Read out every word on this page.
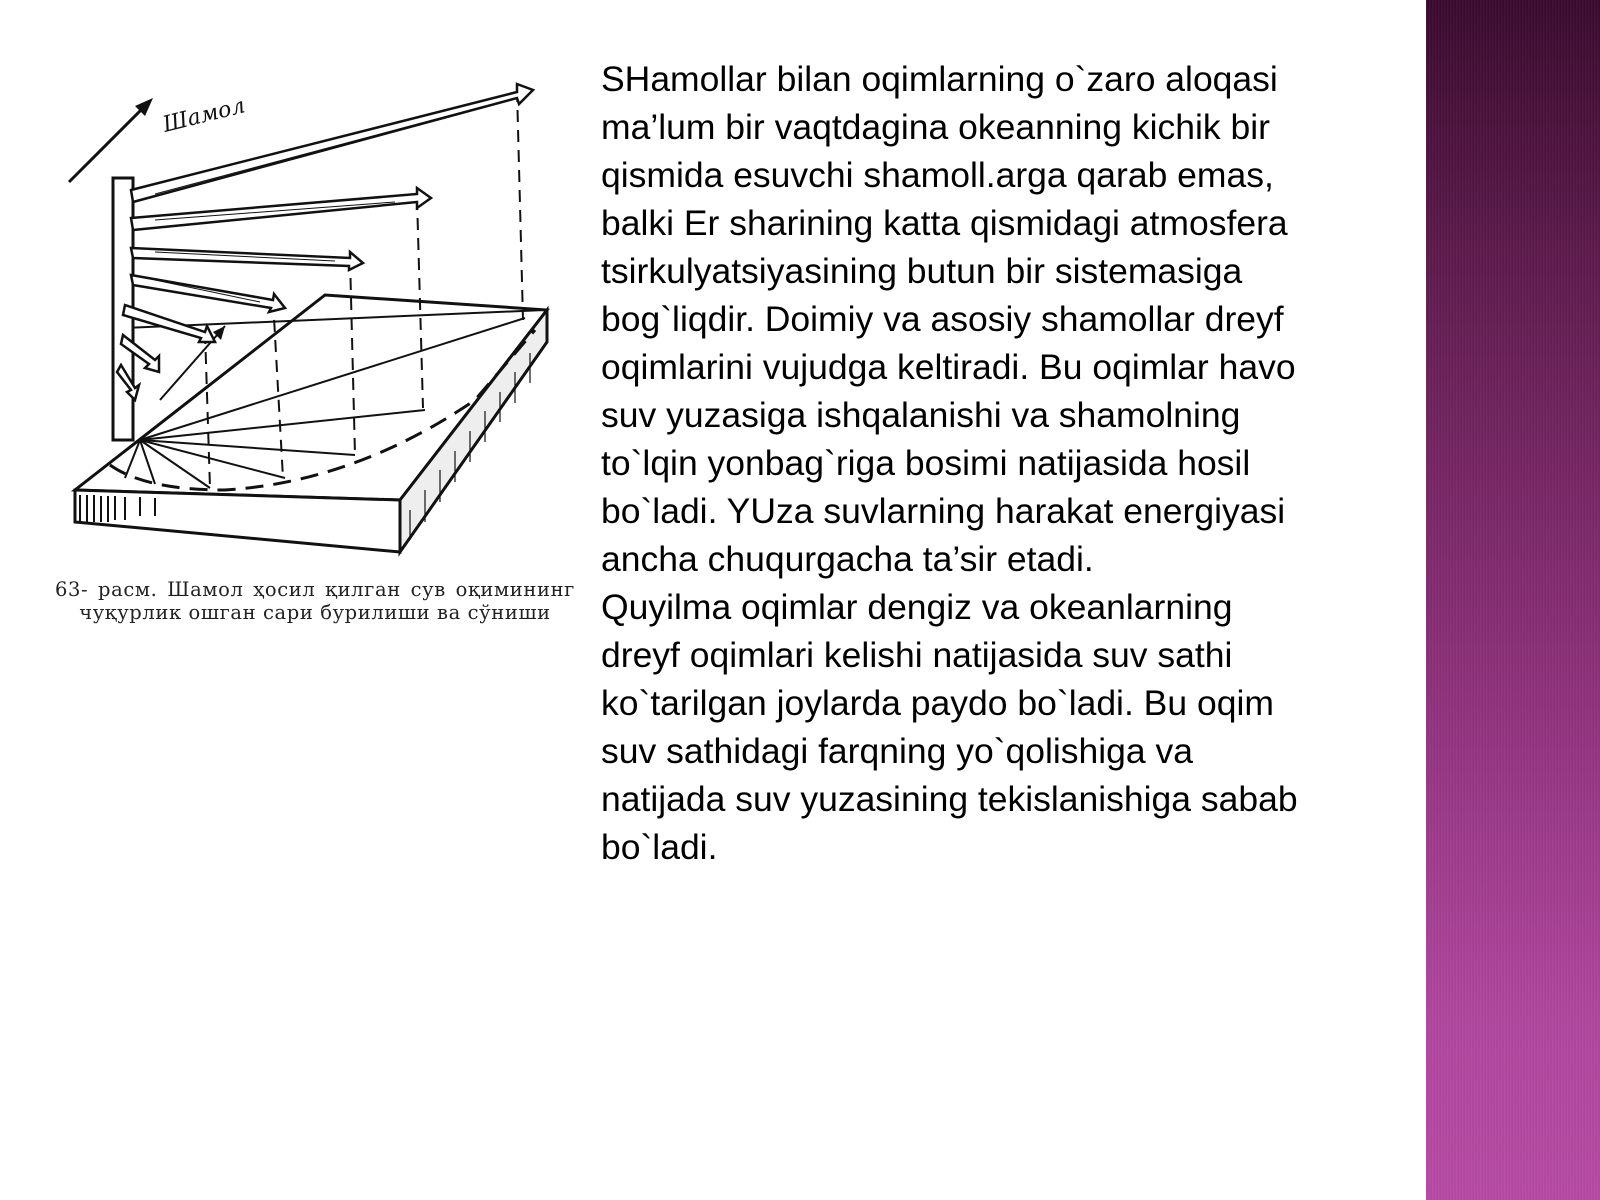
Шамол
63- расм. Шамол ҳосил қилган сув оқимининг чуқурлик ошган сари бурилиши ва сўниши

SHamollar bilan oqimlarning o`zaro aloqasi
ma’lum bir vaqtdagina okeanning kichik bir
qismida esuvchi shamoll.arga qarab emas,
balki Er sharining katta qismidagi atmosfera
tsirkulyatsiyasining butun bir sistemasiga
bog`liqdir. Doimiy va asosiy shamollar dreyf
oqimlarini vujudga keltiradi. Bu oqimlar havo
suv yuzasiga ishqalanishi va shamolning
to`lqin yonbag`riga bosimi natijasida hosil
bo`ladi. YUza suvlarning harakat energiyasi
ancha chuqurgacha ta’sir etadi.

Quyilma oqimlar dengiz va okeanlarning
dreyf oqimlari kelishi natijasida suv sathi
ko`tarilgan joylarda paydo bo`ladi. Bu oqim
suv sathidagi farqning yo`qolishiga va
natijada suv yuzasining tekislanishiga sabab
bo`ladi.
